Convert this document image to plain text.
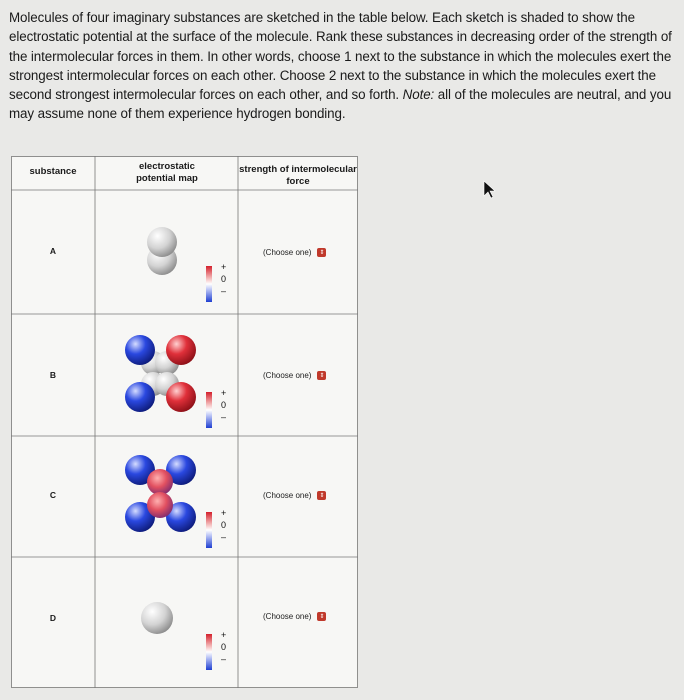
Molecules of four imaginary substances are sketched in the table below. Each sketch is shaded to show the electrostatic potential at the surface of the molecule. Rank these substances in decreasing order of the strength of the intermolecular forces in them. In other words, choose 1 next to the substance in which the molecules exert the strongest intermolecular forces on each other. Choose 2 next to the substance in which the molecules exert the second strongest intermolecular forces on each other, and so forth. Note: all of the molecules are neutral, and you may assume none of them experience hydrogen bonding.

substance	electrostatic potential map
strength of intermolecular force
A
+
0
–
(Choose one)	⇕
B
+
0
–
(Choose one)	⇕
C
+
0
–
(Choose one)	⇕
D
+
0
–
(Choose one)	⇕
